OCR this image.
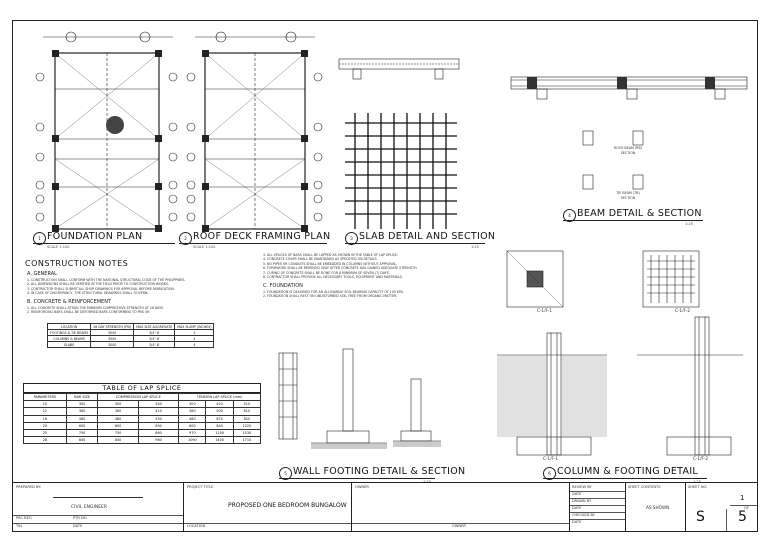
1 FOUNDATION PLAN
SCALE 1:100
2 ROOF DECK FRAMING PLAN
SCALE 1:100
3 SLAB DETAIL AND SECTION
1:25
ROOF BEAM (RB)
SECTION
TIE BEAM (TB)
SECTION
4 BEAM DETAIL & SECTION
1:25
CONSTRUCTION NOTES
A. GENERAL
1. CONSTRUCTION SHALL CONFORM WITH THE NATIONAL STRUCTURAL CODE OF THE PHILIPPINES.
2. ALL DIMENSIONS SHALL BE VERIFIED IN THE FIELD PRIOR TO CONSTRUCTION WORKS.
3. CONTRACTOR SHALL SUBMIT ALL SHOP DRAWINGS FOR APPROVAL BEFORE FABRICATION.
4. IN CASE OF DISCREPANCY, THE STRUCTURAL DRAWINGS SHALL GOVERN.
B. CONCRETE & REINFORCEMENT
1. ALL CONCRETE SHALL ATTAIN THE MINIMUM COMPRESSIVE STRENGTH AT 28 DAYS.
2. REINFORCING BARS SHALL BE DEFORMED BARS CONFORMING TO PNS 49.
LOCATION	28 DAY STRENGTH (PSI)	MAX SIZE AGGREGATE	MAX SLUMP (INCHES)
FOOTINGS & TIE BEAMS	3000	3/4" Ø	3
COLUMNS & BEAMS	3000	3/4" Ø	4
SLABS	3000	3/4" Ø	4
3. ALL SPLICES OF BARS SHALL BE LAPPED AS SHOWN IN THE TABLE OF LAP SPLICE.
4. CONCRETE COVER SHALL BE MAINTAINED AS SPECIFIED ON DETAILS.
5. NO PIPES OR CONDUITS SHALL BE EMBEDDED IN COLUMNS WITHOUT APPROVAL.
6. FORMWORK SHALL BE REMOVED ONLY AFTER CONCRETE HAS GAINED ADEQUATE STRENGTH.
7. CURING OF CONCRETE SHALL BE DONE FOR A MINIMUM OF SEVEN (7) DAYS.
8. CONTRACTOR SHALL PROVIDE ALL NECESSARY TOOLS, EQUIPMENT AND MATERIALS.
C. FOUNDATION
1. FOUNDATION IS DESIGNED FOR AN ALLOWABLE SOIL BEARING CAPACITY OF 100 KPA.
2. FOUNDATION SHALL REST ON UNDISTURBED SOIL FREE FROM ORGANIC MATTER.
TABLE OF LAP SPLICE
PARAMETERS	BAR SIZE	COMPRESSION LAP SPLICE		TENSION LAP SPLICE (mm)		
10	300	300	340	300	420	510
12	360	360	410	360	500	610
16	480	480	550	480	670	820
20	600	600	690	600	840	1020
25	750	750	860	970	1250	1530
28	840	840	960	1090	1400	1710
5 WALL FOOTING DETAIL & SECTION
1:25
C-1/F-1	C-1/F-2
C-1/F-1	C-1/F-2
6 COLUMN & FOOTING DETAIL
1:25
PREPARED BY:
CIVIL ENGINEER
PRC REG	PTR NO.
TIN	DATE
PROJECT TITLE
PROPOSED ONE BEDROOM BUNGALOW
LOCATION
OWNER
OWNER
REVIEW BY
DATE
DRAWN BY
DATE
CHECKED BY
DATE
SHEET CONTENTS
AS SHOWN
SHEET NO.
1
OF
S 5
